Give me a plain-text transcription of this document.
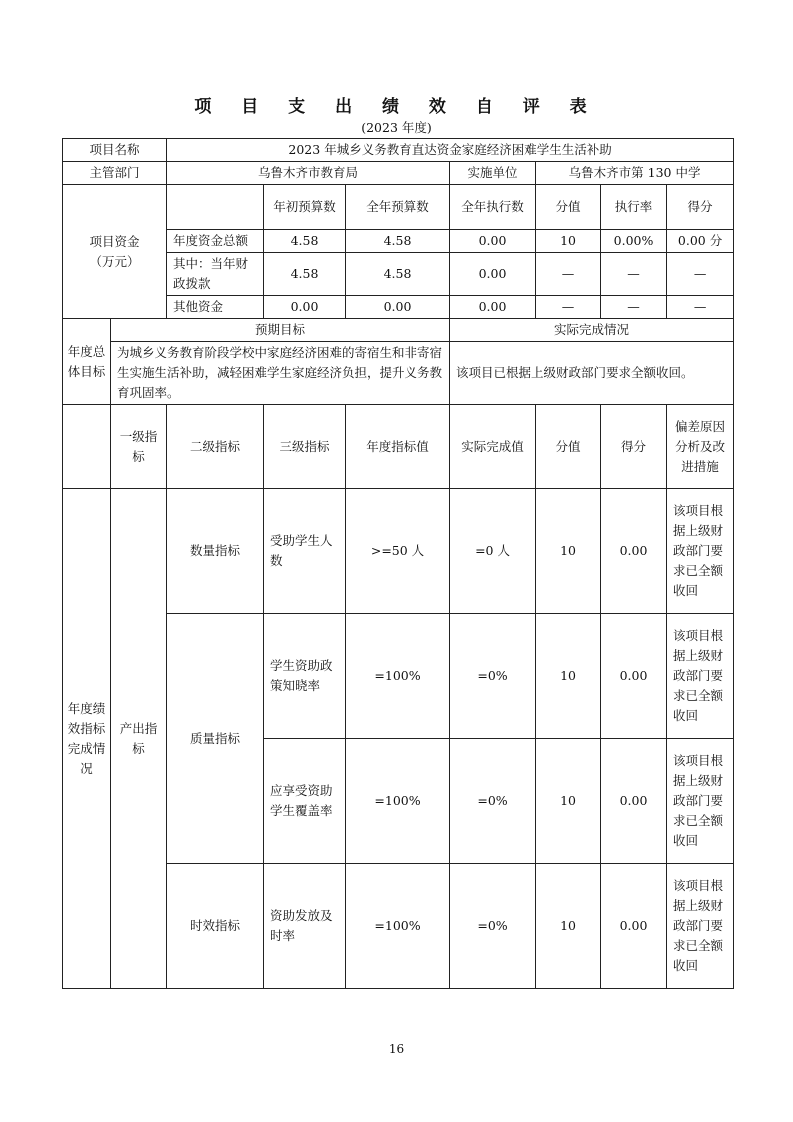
项 目 支 出 绩 效 自 评 表
(2023 年度)
项目名称		2023 年城乡义务教育直达资金家庭经济困难学生生活补助						
主管部门		乌鲁木齐市教育局			实施单位	乌鲁木齐市第 130 中学		
项目资金
（万元）			年初预算数	全年预算数	全年执行数	分值	执行率	得分
		年度资金总额	4.58	4.58	0.00	10	0.00%	0.00 分
		其中：当年财政拨款	4.58	4.58	0.00	—	—	—
		其他资金	0.00	0.00	0.00	—	—	—
年度总体目标	预期目标				实际完成情况			
	为城乡义务教育阶段学校中家庭经济困难的寄宿生和非寄宿生实施生活补助，减轻困难学生家庭经济负担，提升义务教育巩固率。				该项目已根据上级财政部门要求全额收回。			
	一级指标	二级指标	三级指标	年度指标值	实际完成值	分值	得分	偏差原因分析及改进措施
年度绩效指标完成情况	产出指标	数量指标	受助学生人数	>=50 人	=0 人	10	0.00	该项目根据上级财政部门要求已全额收回
		质量指标	学生资助政策知晓率	=100%	=0%	10	0.00	该项目根据上级财政部门要求已全额收回
			应享受资助学生覆盖率	=100%	=0%	10	0.00	该项目根据上级财政部门要求已全额收回
		时效指标	资助发放及时率	=100%	=0%	10	0.00	该项目根据上级财政部门要求已全额收回
16
